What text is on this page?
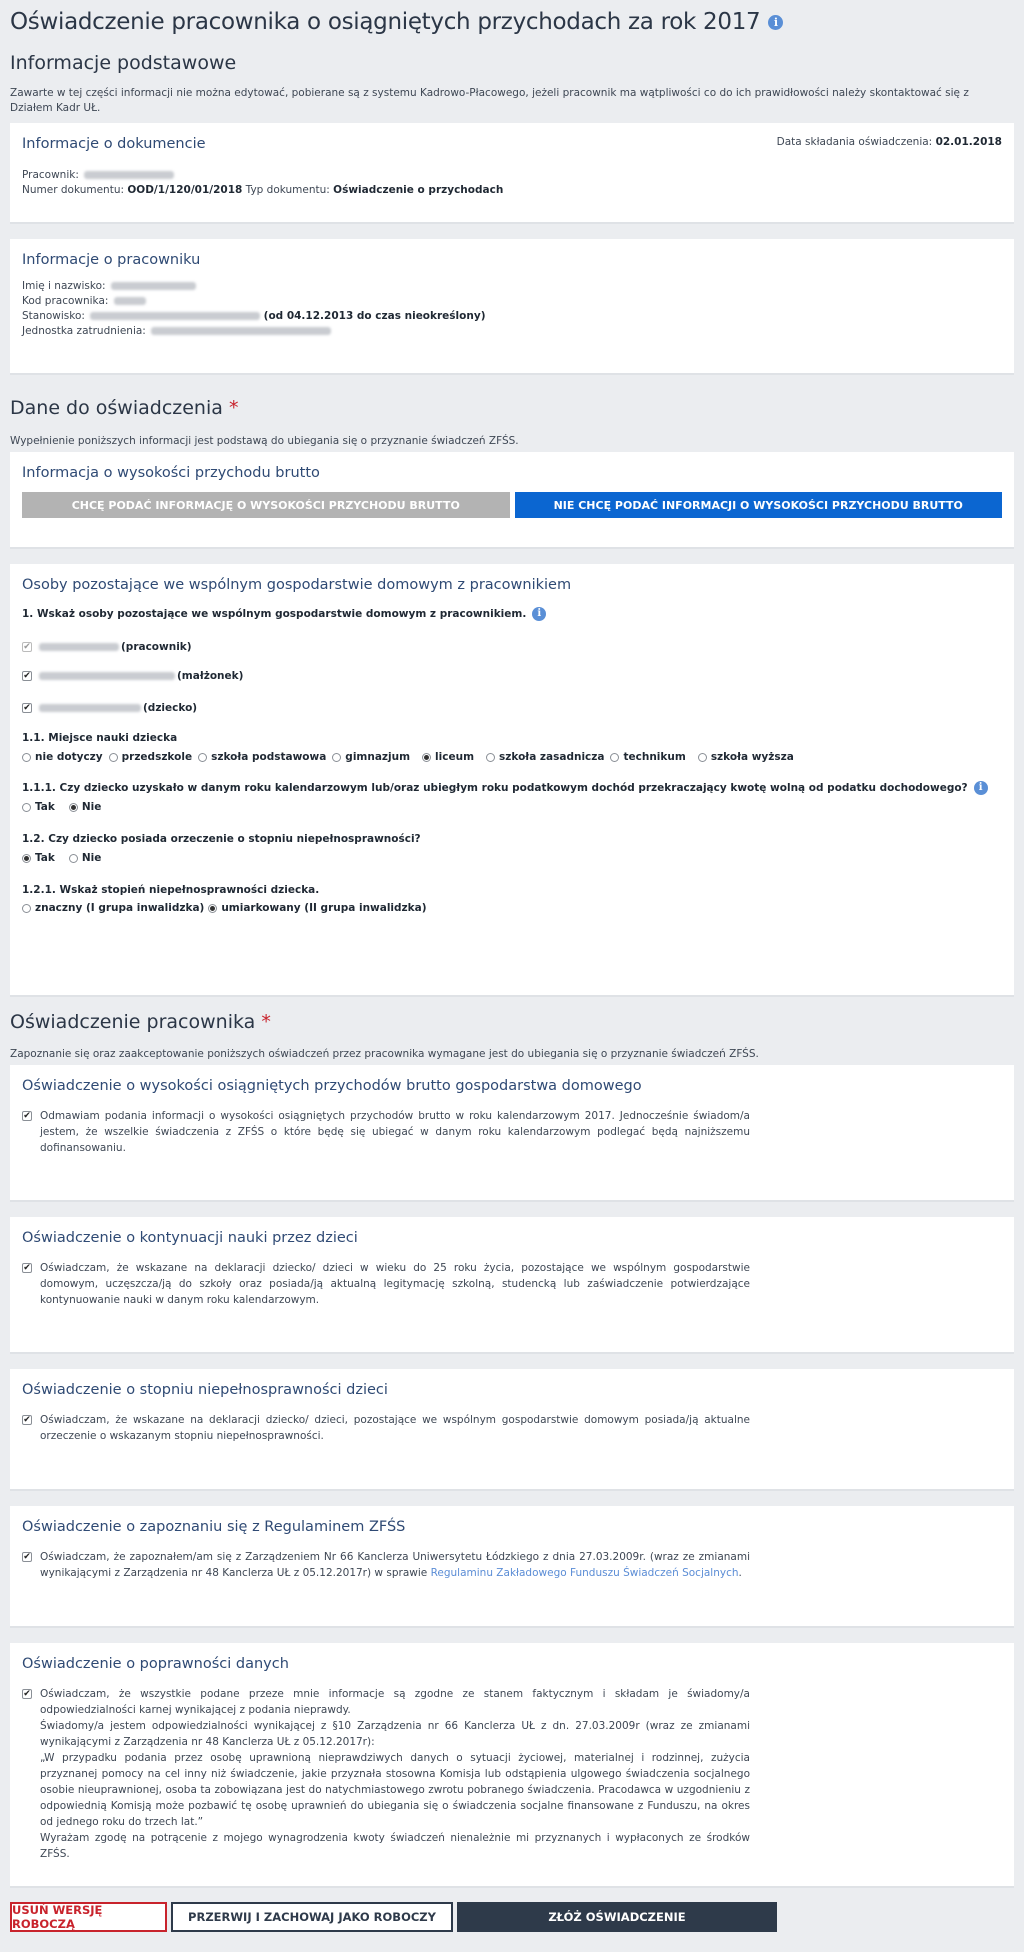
Oświadczenie pracownika o osiągniętych przychodach za rok 2017	i
Informacje podstawowe

Zawarte w tej części informacji nie można edytować, pobierane są z systemu Kadrowo-Płacowego, jeżeli pracownik ma wątpliwości co do ich prawidłowości należy skontaktować się z Działem Kadr UŁ.

Informacje o dokumencie	Data składania oświadczenia: 02.01.2018
Pracownik:
Numer dokumentu: OOD/1/120/01/2018 Typ dokumentu: Oświadczenie o przychodach
Informacje o pracowniku
Imię i nazwisko:
Kod pracownika:
Stanowisko:	(od 04.12.2013 do czas nieokreślony)
Jednostka zatrudnienia:
Dane do oświadczenia *

Wypełnienie poniższych informacji jest podstawą do ubiegania się o przyznanie świadczeń ZFŚS.

Informacja o wysokości przychodu brutto
CHCĘ PODAĆ INFORMACJĘ O WYSOKOŚCI PRZYCHODU BRUTTO	NIE CHCĘ PODAĆ INFORMACJI O WYSOKOŚCI PRZYCHODU BRUTTO
Osoby pozostające we wspólnym gospodarstwie domowym z pracownikiem
1. Wskaż osoby pozostające we wspólnym gospodarstwie domowym z pracownikiem.	i
✔	(pracownik)
✔	(małżonek)
✔	(dziecko)
1.1. Miejsce nauki dziecka
nie dotyczy przedszkole szkoła podstawowa gimnazjum liceum szkoła zasadnicza technikum szkoła wyższa
1.1.1. Czy dziecko uzyskało w danym roku kalendarzowym lub/oraz ubiegłym roku podatkowym dochód przekraczający kwotę wolną od podatku dochodowego?	i
Tak	Nie
1.2. Czy dziecko posiada orzeczenie o stopniu niepełnosprawności?
Tak	Nie
1.2.1. Wskaż stopień niepełnosprawności dziecka.
znaczny (I grupa inwalidzka) umiarkowany (II grupa inwalidzka)
Oświadczenie pracownika *

Zapoznanie się oraz zaakceptowanie poniższych oświadczeń przez pracownika wymagane jest do ubiegania się o przyznanie świadczeń ZFŚS.

Oświadczenie o wysokości osiągniętych przychodów brutto gospodarstwa domowego
✔ Odmawiam podania informacji o wysokości osiągniętych przychodów brutto w roku kalendarzowym 2017. Jednocześnie świadom/a jestem, że wszelkie świadczenia z ZFŚS o które będę się ubiegać w danym roku kalendarzowym podlegać będą najniższemu dofinansowaniu.
Oświadczenie o kontynuacji nauki przez dzieci
✔ Oświadczam, że wskazane na deklaracji dziecko/ dzieci w wieku do 25 roku życia, pozostające we wspólnym gospodarstwie domowym, uczęszcza/ją do szkoły oraz posiada/ją aktualną legitymację szkolną, studencką lub zaświadczenie potwierdzające kontynuowanie nauki w danym roku kalendarzowym.
Oświadczenie o stopniu niepełnosprawności dzieci
✔ Oświadczam, że wskazane na deklaracji dziecko/ dzieci, pozostające we wspólnym gospodarstwie domowym posiada/ją aktualne orzeczenie o wskazanym stopniu niepełnosprawności.
Oświadczenie o zapoznaniu się z Regulaminem ZFŚS
✔ Oświadczam, że zapoznałem/am się z Zarządzeniem Nr 66 Kanclerza Uniwersytetu Łódzkiego z dnia 27.03.2009r. (wraz ze zmianami wynikającymi z Zarządzenia nr 48 Kanclerza UŁ z 05.12.2017r) w sprawie Regulaminu Zakładowego Funduszu Świadczeń Socjalnych.
Oświadczenie o poprawności danych
✔ Oświadczam, że wszystkie podane przeze mnie informacje są zgodne ze stanem faktycznym i składam je świadomy/a odpowiedzialności karnej wynikającej z podania nieprawdy.
Świadomy/a jestem odpowiedzialności wynikającej z §10 Zarządzenia nr 66 Kanclerza UŁ z dn. 27.03.2009r (wraz ze zmianami wynikającymi z Zarządzenia nr 48 Kanclerza UŁ z 05.12.2017r):
„W przypadku podania przez osobę uprawnioną nieprawdziwych danych o sytuacji życiowej, materialnej i rodzinnej, zużycia przyznanej pomocy na cel inny niż świadczenie, jakie przyznała stosowna Komisja lub odstąpienia ulgowego świadczenia socjalnego osobie nieuprawnionej, osoba ta zobowiązana jest do natychmiastowego zwrotu pobranego świadczenia. Pracodawca w uzgodnieniu z odpowiednią Komisją może pozbawić tę osobę uprawnień do ubiegania się o świadczenia socjalne finansowane z Funduszu, na okres od jednego roku do trzech lat.”
Wyrażam zgodę na potrącenie z mojego wynagrodzenia kwoty świadczeń nienależnie mi przyznanych i wypłaconych ze środków ZFŚS.
USUŃ WERSJĘ ROBOCZĄ	PRZERWIJ I ZACHOWAJ JAKO ROBOCZY	ZŁÓŻ OŚWIADCZENIE
